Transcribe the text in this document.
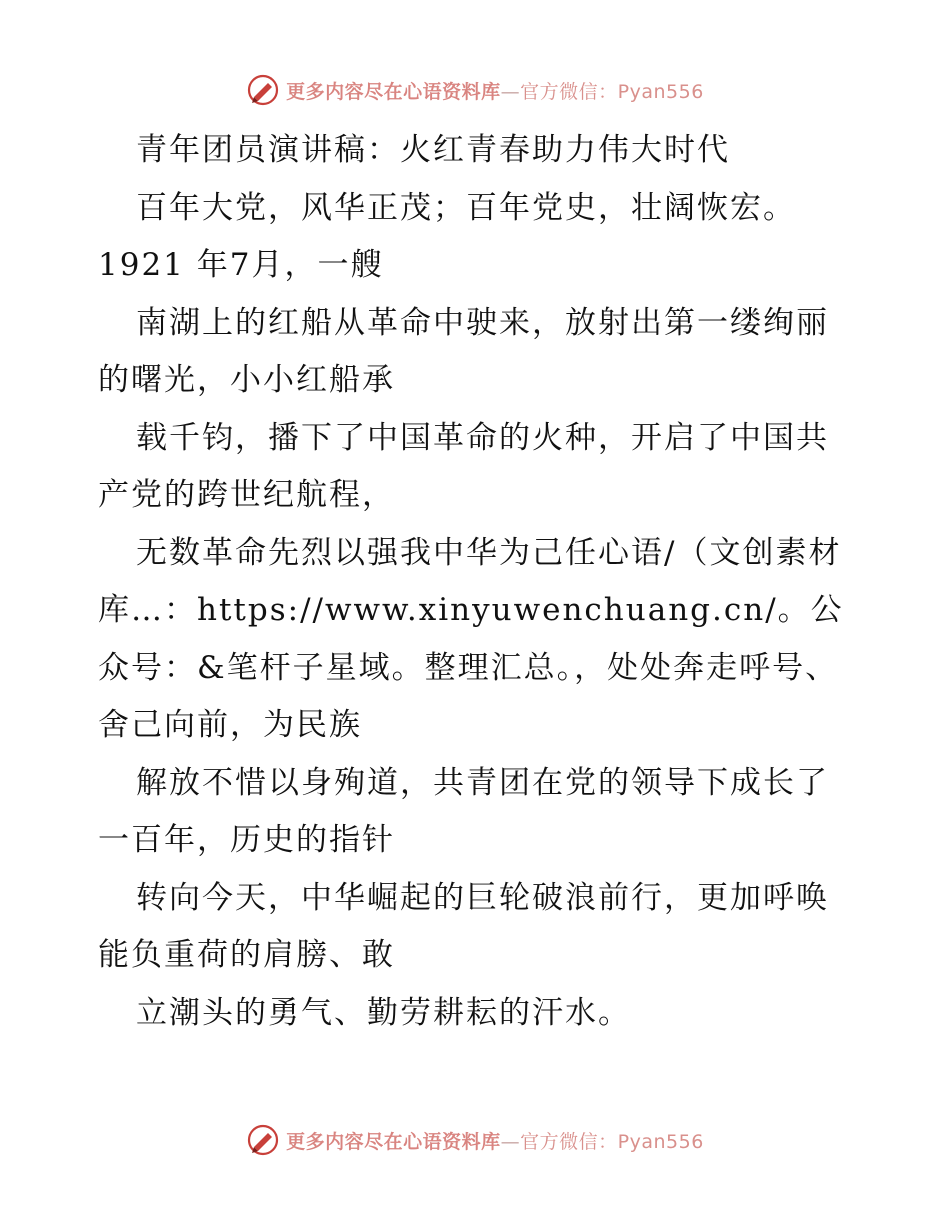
更多内容尽在心语资料库—官方微信：Pyan556

青年团员演讲稿：火红青春助力伟大时代

百年大党，风华正茂；百年党史，壮阔恢宏。1921 年7月，一艘

南湖上的红船从革命中驶来，放射出第一缕绚丽的曙光，小小红船承

载千钧，播下了中国革命的火种，开启了中国共产党的跨世纪航程，

无数革命先烈以强我中华为己任心语/（文创素材库…：https://www.xinyuwenchuang.cn/。公众号：&笔杆子星域。整理汇总。，处处奔走呼号、舍己向前，为民族

解放不惜以身殉道，共青团在党的领导下成长了一百年，历史的指针

转向今天，中华崛起的巨轮破浪前行，更加呼唤能负重荷的肩膀、敢

立潮头的勇气、勤劳耕耘的汗水。

更多内容尽在心语资料库—官方微信：Pyan556
